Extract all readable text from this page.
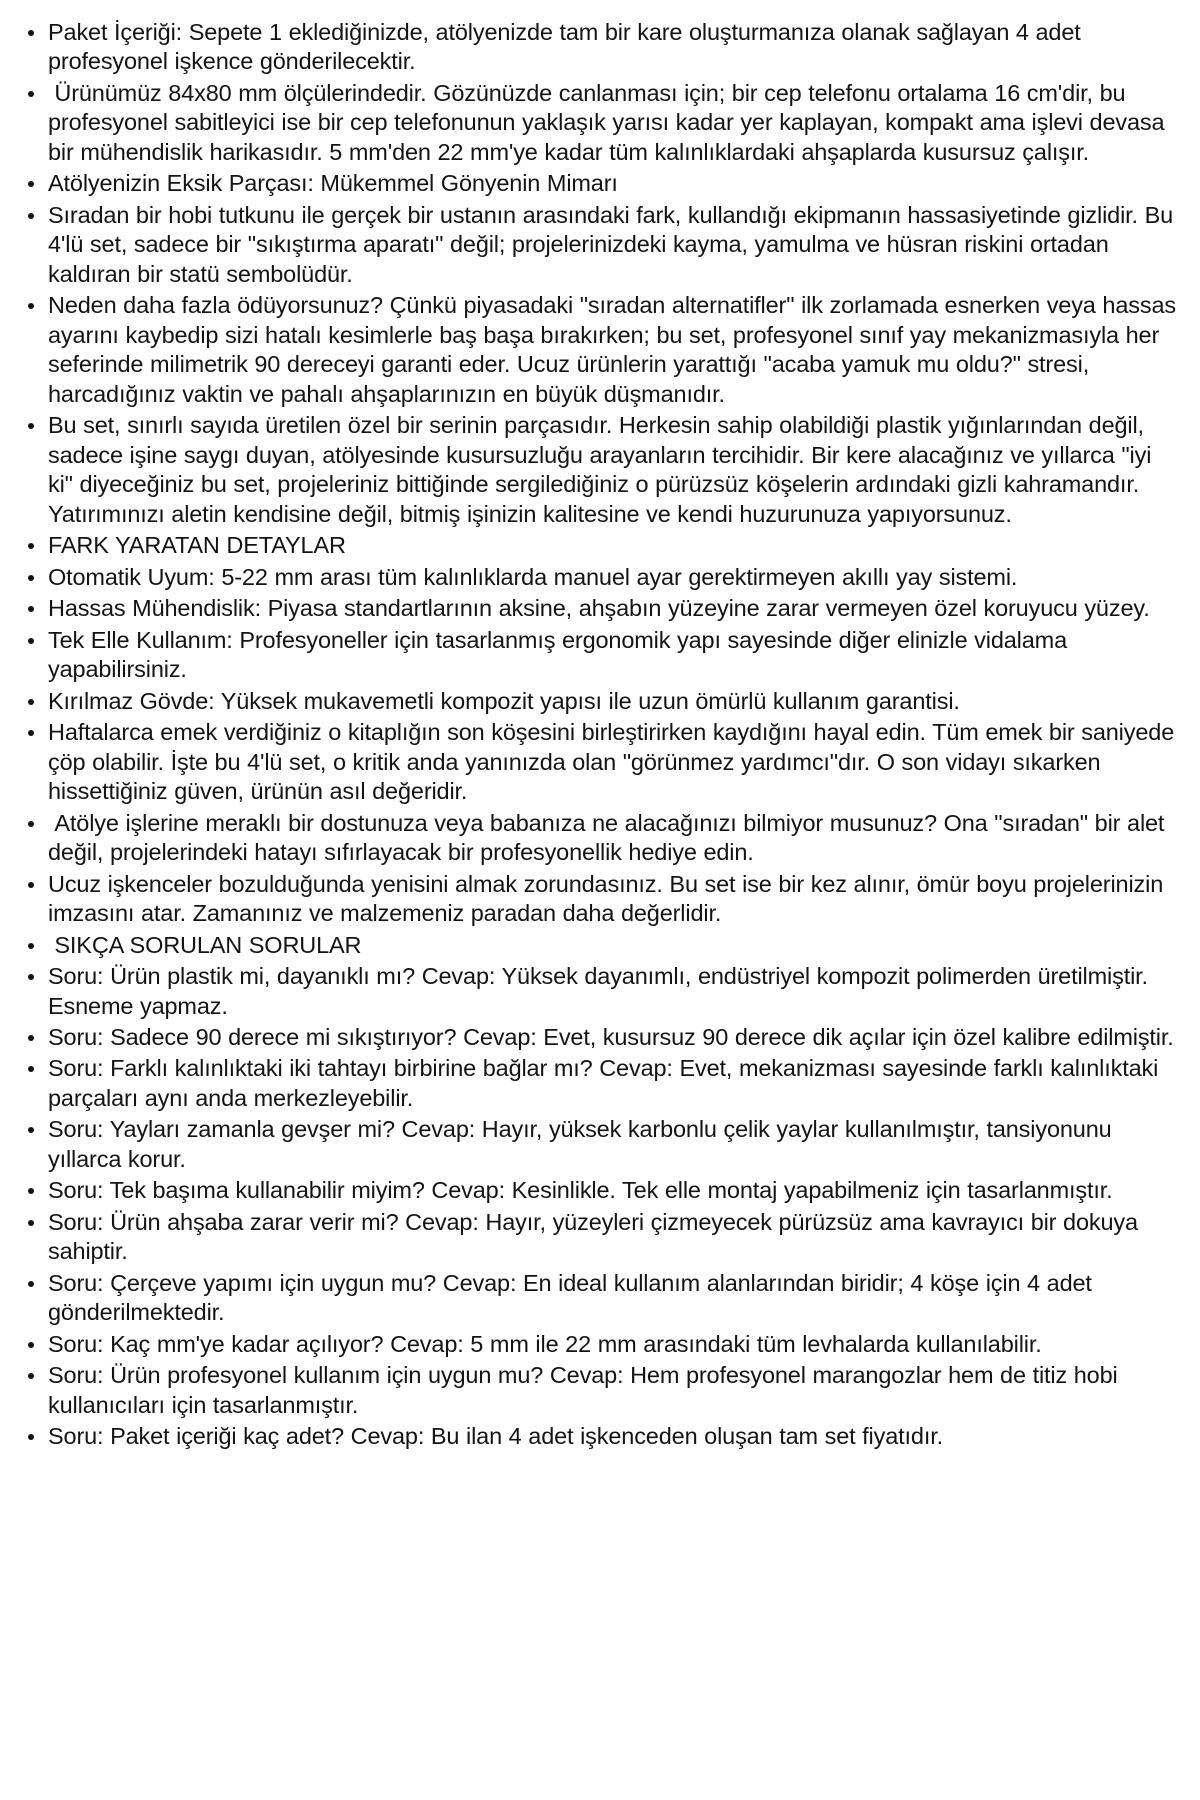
Paket İçeriği: Sepete 1 eklediğinizde, atölyenizde tam bir kare oluşturmanıza olanak sağlayan 4 adet profesyonel işkence gönderilecektir.
Ürünümüz 84x80 mm ölçülerindedir. Gözünüzde canlanması için; bir cep telefonu ortalama 16 cm'dir, bu profesyonel sabitleyici ise bir cep telefonunun yaklaşık yarısı kadar yer kaplayan, kompakt ama işlevi devasa bir mühendislik harikasıdır. 5 mm'den 22 mm'ye kadar tüm kalınlıklardaki ahşaplarda kusursuz çalışır.
Atölyenizin Eksik Parçası: Mükemmel Gönyenin Mimarı
Sıradan bir hobi tutkunu ile gerçek bir ustanın arasındaki fark, kullandığı ekipmanın hassasiyetinde gizlidir. Bu 4'lü set, sadece bir "sıkıştırma aparatı" değil; projelerinizdeki kayma, yamulma ve hüsran riskini ortadan kaldıran bir statü sembolüdür.
Neden daha fazla ödüyorsunuz? Çünkü piyasadaki "sıradan alternatifler" ilk zorlamada esnerken veya hassas ayarını kaybedip sizi hatalı kesimlerle baş başa bırakırken; bu set, profesyonel sınıf yay mekanizmasıyla her seferinde milimetrik 90 dereceyi garanti eder. Ucuz ürünlerin yarattığı "acaba yamuk mu oldu?" stresi, harcadığınız vaktin ve pahalı ahşaplarınızın en büyük düşmanıdır.
Bu set, sınırlı sayıda üretilen özel bir serinin parçasıdır. Herkesin sahip olabildiği plastik yığınlarından değil, sadece işine saygı duyan, atölyesinde kusursuzluğu arayanların tercihidir. Bir kere alacağınız ve yıllarca "iyi ki" diyeceğiniz bu set, projeleriniz bittiğinde sergilediğiniz o pürüzsüz köşelerin ardındaki gizli kahramandır. Yatırımınızı aletin kendisine değil, bitmiş işinizin kalitesine ve kendi huzurunuza yapıyorsunuz.
FARK YARATAN DETAYLAR
Otomatik Uyum: 5-22 mm arası tüm kalınlıklarda manuel ayar gerektirmeyen akıllı yay sistemi.
Hassas Mühendislik: Piyasa standartlarının aksine, ahşabın yüzeyine zarar vermeyen özel koruyucu yüzey.
Tek Elle Kullanım: Profesyoneller için tasarlanmış ergonomik yapı sayesinde diğer elinizle vidalama yapabilirsiniz.
Kırılmaz Gövde: Yüksek mukavemetli kompozit yapısı ile uzun ömürlü kullanım garantisi.
Haftalarca emek verdiğiniz o kitaplığın son köşesini birleştirirken kaydığını hayal edin. Tüm emek bir saniyede çöp olabilir. İşte bu 4'lü set, o kritik anda yanınızda olan "görünmez yardımcı"dır. O son vidayı sıkarken hissettiğiniz güven, ürünün asıl değeridir.
Atölye işlerine meraklı bir dostunuza veya babanıza ne alacağınızı bilmiyor musunuz? Ona "sıradan" bir alet değil, projelerindeki hatayı sıfırlayacak bir profesyonellik hediye edin.
Ucuz işkenceler bozulduğunda yenisini almak zorundasınız. Bu set ise bir kez alınır, ömür boyu projelerinizin imzasını atar. Zamanınız ve malzemeniz paradan daha değerlidir.
SIKÇA SORULAN SORULAR
Soru: Ürün plastik mi, dayanıklı mı? Cevap: Yüksek dayanımlı, endüstriyel kompozit polimerden üretilmiştir. Esneme yapmaz.
Soru: Sadece 90 derece mi sıkıştırıyor? Cevap: Evet, kusursuz 90 derece dik açılar için özel kalibre edilmiştir.
Soru: Farklı kalınlıktaki iki tahtayı birbirine bağlar mı? Cevap: Evet, mekanizması sayesinde farklı kalınlıktaki parçaları aynı anda merkezleyebilir.
Soru: Yayları zamanla gevşer mi? Cevap: Hayır, yüksek karbonlu çelik yaylar kullanılmıştır, tansiyonunu yıllarca korur.
Soru: Tek başıma kullanabilir miyim? Cevap: Kesinlikle. Tek elle montaj yapabilmeniz için tasarlanmıştır.
Soru: Ürün ahşaba zarar verir mi? Cevap: Hayır, yüzeyleri çizmeyecek pürüzsüz ama kavrayıcı bir dokuya sahiptir.
Soru: Çerçeve yapımı için uygun mu? Cevap: En ideal kullanım alanlarından biridir; 4 köşe için 4 adet gönderilmektedir.
Soru: Kaç mm'ye kadar açılıyor? Cevap: 5 mm ile 22 mm arasındaki tüm levhalarda kullanılabilir.
Soru: Ürün profesyonel kullanım için uygun mu? Cevap: Hem profesyonel marangozlar hem de titiz hobi kullanıcıları için tasarlanmıştır.
Soru: Paket içeriği kaç adet? Cevap: Bu ilan 4 adet işkenceden oluşan tam set fiyatıdır.
